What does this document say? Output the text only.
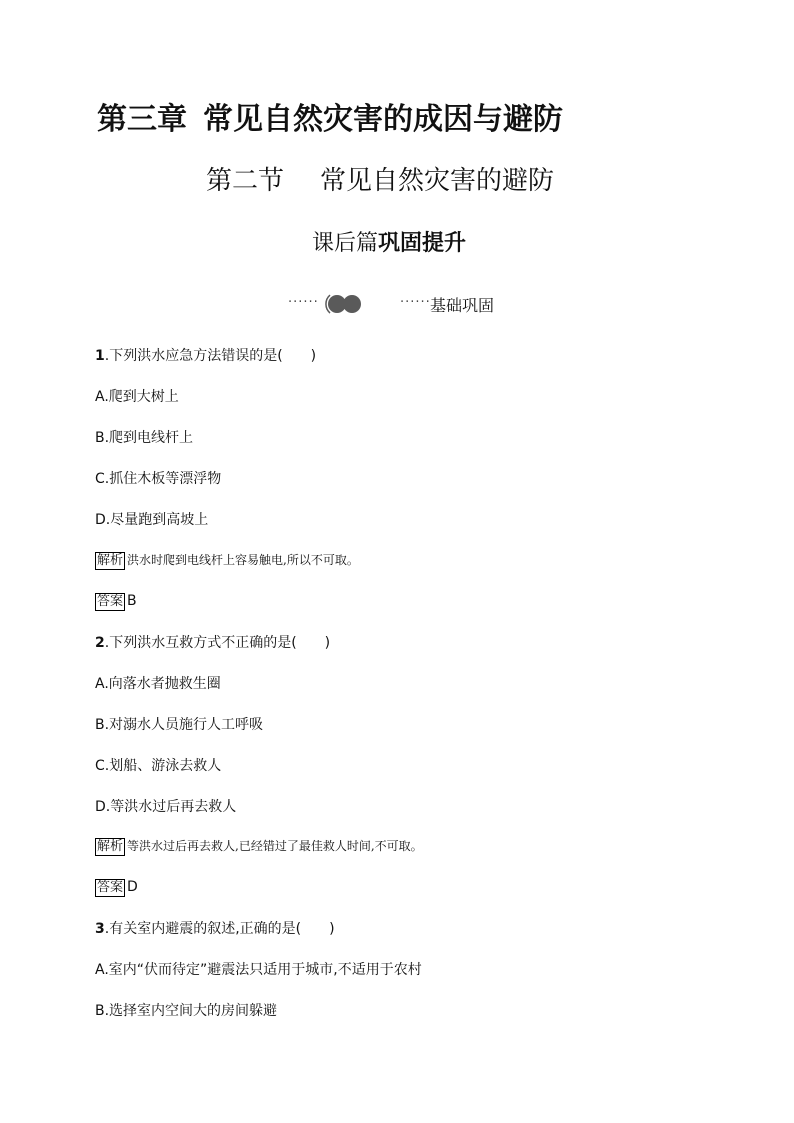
第三章 常见自然灾害的成因与避防
第二节 常见自然灾害的避防
课后篇巩固提升
······	······ 基础巩固
1.下列洪水应急方法错误的是(　　)
A.爬到大树上
B.爬到电线杆上
C.抓住木板等漂浮物
D.尽量跑到高坡上
解析 洪水时爬到电线杆上容易触电,所以不可取。
答案 B
2.下列洪水互救方式不正确的是(　　)
A.向落水者抛救生圈
B.对溺水人员施行人工呼吸
C.划船、游泳去救人
D.等洪水过后再去救人
解析 等洪水过后再去救人,已经错过了最佳救人时间,不可取。
答案 D
3.有关室内避震的叙述,正确的是(　　)
A.室内“伏而待定”避震法只适用于城市,不适用于农村
B.选择室内空间大的房间躲避
